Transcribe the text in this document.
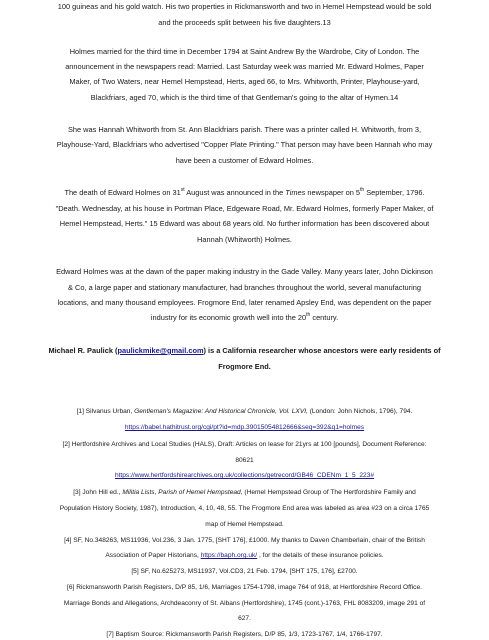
100 guineas and his gold watch. His two properties in Rickmansworth and two in Hemel Hempstead would be sold
and the proceeds split between his five daughters.13
Holmes married for the third time in December 1794 at Saint Andrew By the Wardrobe, City of London. The
announcement in the newspapers read: Married. Last Saturday week was married Mr. Edward Holmes, Paper
Maker, of Two Waters, near Hemel Hempstead, Herts, aged 66, to Mrs. Whitworth, Printer, Playhouse-yard,
Blackfriars, aged 70, which is the third time of that Gentleman's going to the altar of Hymen.14
She was Hannah Whitworth from St. Ann Blackfriars parish. There was a printer called H. Whitworth, from 3,
Playhouse-Yard, Blackfriars who advertised "Copper Plate Printing." That person may have been Hannah who may
have been a customer of Edward Holmes.
The death of Edward Holmes on 31st August was announced in the Times newspaper on 5th September, 1796.
"Death. Wednesday, at his house in Portman Place, Edgeware Road, Mr. Edward Holmes, formerly Paper Maker, of
Hemel Hempstead, Herts." 15 Edward was about 68 years old. No further information has been discovered about
Hannah (Whitworth) Holmes.
Edward Holmes was at the dawn of the paper making industry in the Gade Valley. Many years later, John Dickinson
& Co, a large paper and stationary manufacturer, had branches throughout the world, several manufacturing
locations, and many thousand employees. Frogmore End, later renamed Apsley End, was dependent on the paper
industry for its economic growth well into the 20th century.
Michael R. Paulick (paulickmike@gmail.com) is a California researcher whose ancestors were early residents of
Frogmore End.
[1] Silvanus Urban, Gentleman's Magazine: And Historical Chronicle, Vol. LXVI, (London: John Nichols, 1796), 794.
https://babel.hathitrust.org/cgi/pt?id=mdp.39015054812666&seq=392&q1=holmes
[2] Hertfordshire Archives and Local Studies (HALS), Draft: Articles on lease for 21yrs at 100 [pounds], Document Reference:
80621
https://www.hertfordshirearchives.org.uk/collections/getrecord/GB46_CDENm_1_5_223#
[3] John Hill ed., Militia Lists, Parish of Hemel Hempstead, (Hemel Hempstead Group of The Hertfordshire Family and
Population History Society, 1987), Introduction, 4, 10, 48, 55. The Frogmore End area was labeled as area #23 on a circa 1765
map of Hemel Hempstead.
[4] SF, No.348263, MS11936, Vol.236, 3 Jan. 1775, [SHT 176], £1000. My thanks to Daven Chamberlain, chair of the British
Association of Paper Historians, https://baph.org.uk/ , for the details of these insurance policies.
[5] SF, No.625273, MS11937, Vol.CD3, 21 Feb. 1794, [SHT 175, 176], £2700.
[6] Rickmansworth Parish Registers, D/P 85, 1/6, Marriages 1754-1798, image 764 of 918, at Hertfordshire Record Office.
Marriage Bonds and Allegations, Archdeaconry of St. Albans (Hertfordshire), 1745 (cont.)-1763, FHL 8083209, image 291 of
627.
[7] Baptism Source: Rickmansworth Parish Registers, D/P 85, 1/3, 1723-1767, 1/4, 1766-1797.
